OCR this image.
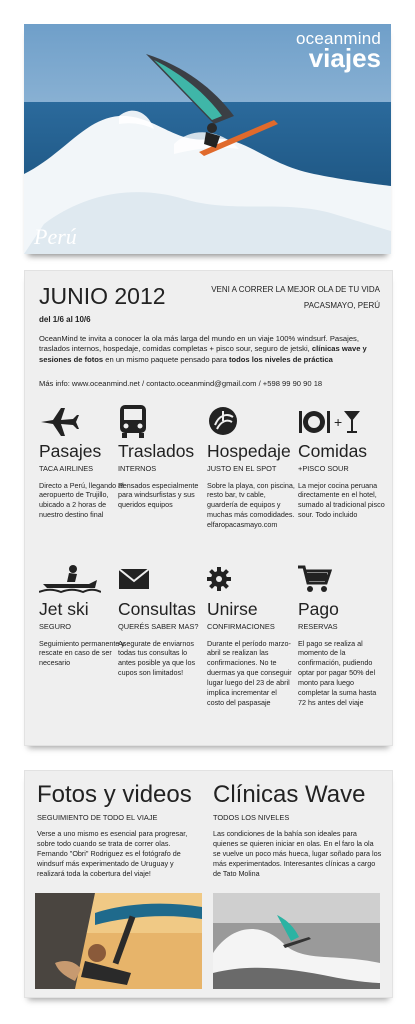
oceanmind
viajes
Perú
JUNIO 2012
del 1/6 al 10/6
VENI A CORRER LA MEJOR OLA DE TU VIDA
PACASMAYO, PERÚ
OceanMind te invita a conocer la ola más larga del mundo en un viaje 100% windsurf. Pasajes, traslados internos, hospedaje, comidas completas + pisco sour, seguro de jetski, clínicas wave y sesiones de fotos en un mismo paquete pensado para todos los niveles de práctica
Más info: www.oceanmind.net / contacto.oceanmind@gmail.com / +598 99 90 90 18
Pasajes
TACA AIRLINES
Directo a Perú, llegando al aeropuerto de Trujillo, ubicado a 2 horas de nuestro destino final
Traslados
INTERNOS
Pensados especialmente para windsurfistas y sus queridos equipos
Hospedaje
JUSTO EN EL SPOT
Sobre la playa, con piscina, resto bar, tv cable, guardería de equipos y muchas más comodidades. elfaropacasmayo.com
+
Comidas
+PISCO SOUR
La mejor cocina peruana directamente en el hotel, sumado al tradicional pisco sour. Todo incluido
Jet ski
SEGURO
Seguimiento permanente y rescate en caso de ser necesario
Consultas
QUERÉS SABER MAS?
Asegurate de enviarnos todas tus consultas lo antes posible ya que los cupos son limitados!
Unirse
CONFIRMACIONES
Durante el período marzo-abril se realizan las confirmaciones. No te duermas ya que conseguir lugar luego del 23 de abril implica incrementar el costo del paspasaje
Pago
RESERVAS
El pago se realiza al momento de la confirmación, pudiendo optar por pagar 50% del monto para luego completar la suma hasta 72 hs antes del viaje
Fotos y videos
SEGUIMIENTO DE TODO EL VIAJE
Verse a uno mismo es esencial para progresar, sobre todo cuando se trata de correr olas. Fernando "Obri" Rodriguez es el fotógrafo de windsurf más experimentado de Uruguay y realizará toda la cobertura del viaje!
Clínicas Wave
TODOS LOS NIVELES
Las condiciones de la bahía son ideales para quienes se quieren iniciar en olas. En el faro la ola se vuelve un poco más hueca, lugar soñado para los más experimentados. Interesantes clínicas a cargo de Tato Molina
